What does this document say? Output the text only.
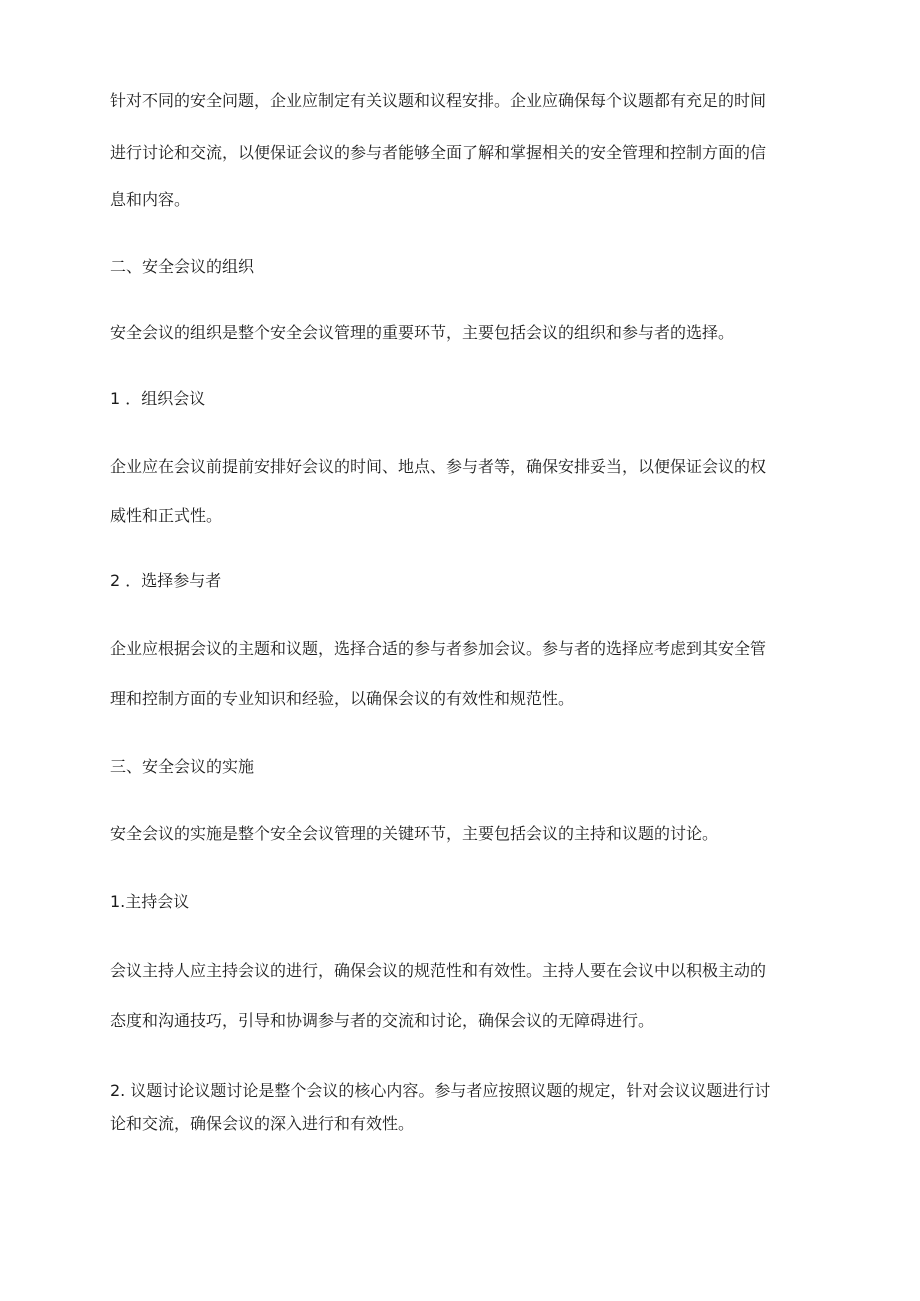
针对不同的安全问题，企业应制定有关议题和议程安排。企业应确保每个议题都有充足的时间

进行讨论和交流，以便保证会议的参与者能够全面了解和掌握相关的安全管理和控制方面的信

息和内容。

二、安全会议的组织

安全会议的组织是整个安全会议管理的重要环节，主要包括会议的组织和参与者的选择。

1 ．组织会议

企业应在会议前提前安排好会议的时间、地点、参与者等，确保安排妥当，以便保证会议的权

威性和正式性。

2 ．选择参与者

企业应根据会议的主题和议题，选择合适的参与者参加会议。参与者的选择应考虑到其安全管

理和控制方面的专业知识和经验，以确保会议的有效性和规范性。

三、安全会议的实施

安全会议的实施是整个安全会议管理的关键环节，主要包括会议的主持和议题的讨论。

1.主持会议

会议主持人应主持会议的进行，确保会议的规范性和有效性。主持人要在会议中以积极主动的

态度和沟通技巧，引导和协调参与者的交流和讨论，确保会议的无障碍进行。

2. 议题讨论议题讨论是整个会议的核心内容。参与者应按照议题的规定，针对会议议题进行讨

论和交流，确保会议的深入进行和有效性。
